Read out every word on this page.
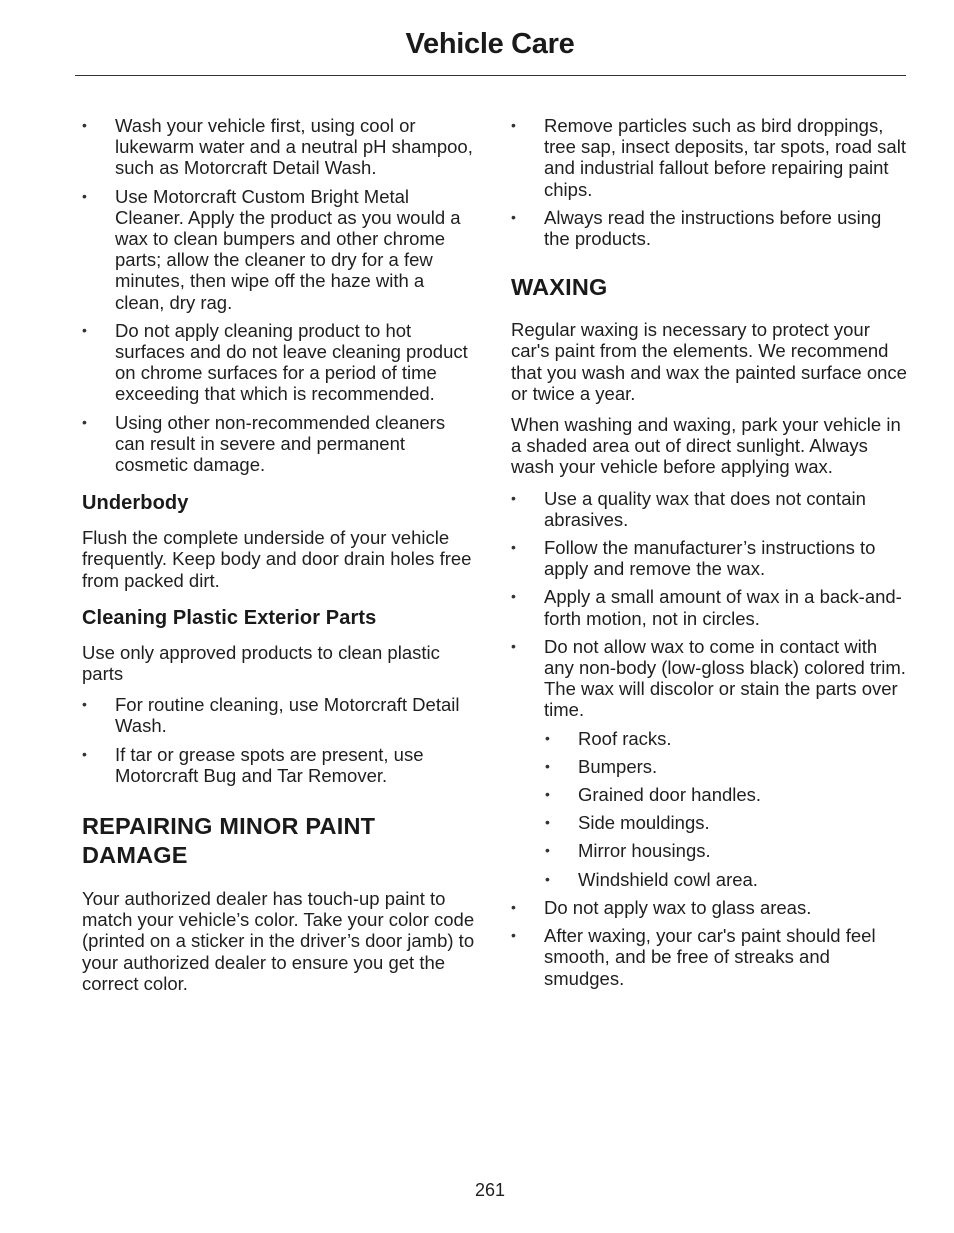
Vehicle Care
• Wash your vehicle first, using cool or lukewarm water and a neutral pH shampoo, such as Motorcraft Detail Wash.
• Use Motorcraft Custom Bright Metal Cleaner. Apply the product as you would a wax to clean bumpers and other chrome parts; allow the cleaner to dry for a few minutes, then wipe off the haze with a clean, dry rag.
• Do not apply cleaning product to hot surfaces and do not leave cleaning product on chrome surfaces for a period of time exceeding that which is recommended.
• Using other non-recommended cleaners can result in severe and permanent cosmetic damage.
Underbody

Flush the complete underside of your vehicle frequently. Keep body and door drain holes free from packed dirt.

Cleaning Plastic Exterior Parts

Use only approved products to clean plastic parts

• For routine cleaning, use Motorcraft Detail Wash.
• If tar or grease spots are present, use Motorcraft Bug and Tar Remover.
REPAIRING MINOR PAINT
DAMAGE

Your authorized dealer has touch-up paint to match your vehicle’s color. Take your color code (printed on a sticker in the driver’s door jamb) to your authorized dealer to ensure you get the correct color.

• Remove particles such as bird droppings, tree sap, insect deposits, tar spots, road salt and industrial fallout before repairing paint chips.
• Always read the instructions before using the products.
WAXING

Regular waxing is necessary to protect your car's paint from the elements. We recommend that you wash and wax the painted surface once or twice a year.

When washing and waxing, park your vehicle in a shaded area out of direct sunlight. Always wash your vehicle before applying wax.

• Use a quality wax that does not contain abrasives.
• Follow the manufacturer’s instructions to apply and remove the wax.
• Apply a small amount of wax in a back-and-forth motion, not in circles.
• Do not allow wax to come in contact with any non-body (low-gloss black) colored trim. The wax will discolor or stain the parts over time.
• Roof racks.
• Bumpers.
• Grained door handles.
• Side mouldings.
• Mirror housings.
• Windshield cowl area.
• Do not apply wax to glass areas.
• After waxing, your car's paint should feel smooth, and be free of streaks and smudges.
261
